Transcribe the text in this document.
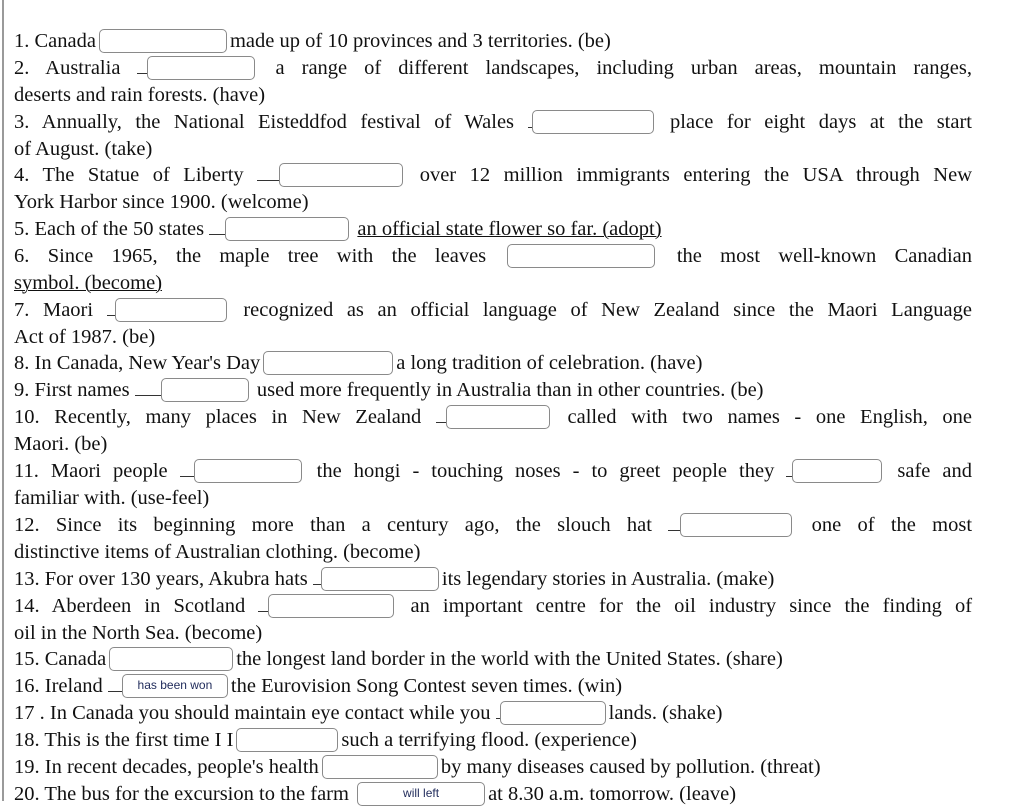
1. Canada	made up of 10 provinces and 3 territories. (be)
2. Australia	a range of different landscapes, including urban areas, mountain ranges,
deserts and rain forests. (have)
3. Annually, the National Eisteddfod festival of Wales	place for eight days at the start
of August. (take)
4. The Statue of Liberty	over 12 million immigrants entering the USA through New
York Harbor since 1900. (welcome)
5. Each of the 50 states	an official state flower so far. (adopt)
6. Since 1965, the maple tree with the leaves	the most well-known Canadian
symbol. (become)
7. Maori	recognized as an official language of New Zealand since the Maori Language
Act of 1987. (be)
8. In Canada, New Year's Day	a long tradition of celebration. (have)
9. First names	used more frequently in Australia than in other countries. (be)
10. Recently, many places in New Zealand	called with two names - one English, one
Maori. (be)
11. Maori people	the hongi - touching noses - to greet people they	safe and
familiar with. (use-feel)
12. Since its beginning more than a century ago, the slouch hat	one of the most
distinctive items of Australian clothing. (become)
13. For over 130 years, Akubra hats	its legendary stories in Australia. (make)
14. Aberdeen in Scotland	an important centre for the oil industry since the finding of
oil in the North Sea. (become)
15. Canada	the longest land border in the world with the United States. (share)
16. Ireland	has been won the Eurovision Song Contest seven times. (win)
17 . In Canada you should maintain eye contact while you	lands. (shake)
18. This is the first time I I	such a terrifying flood. (experience)
19. In recent decades, people's health	by many diseases caused by pollution. (threat)
20. The bus for the excursion to the farm	will left at 8.30 a.m. tomorrow. (leave)
